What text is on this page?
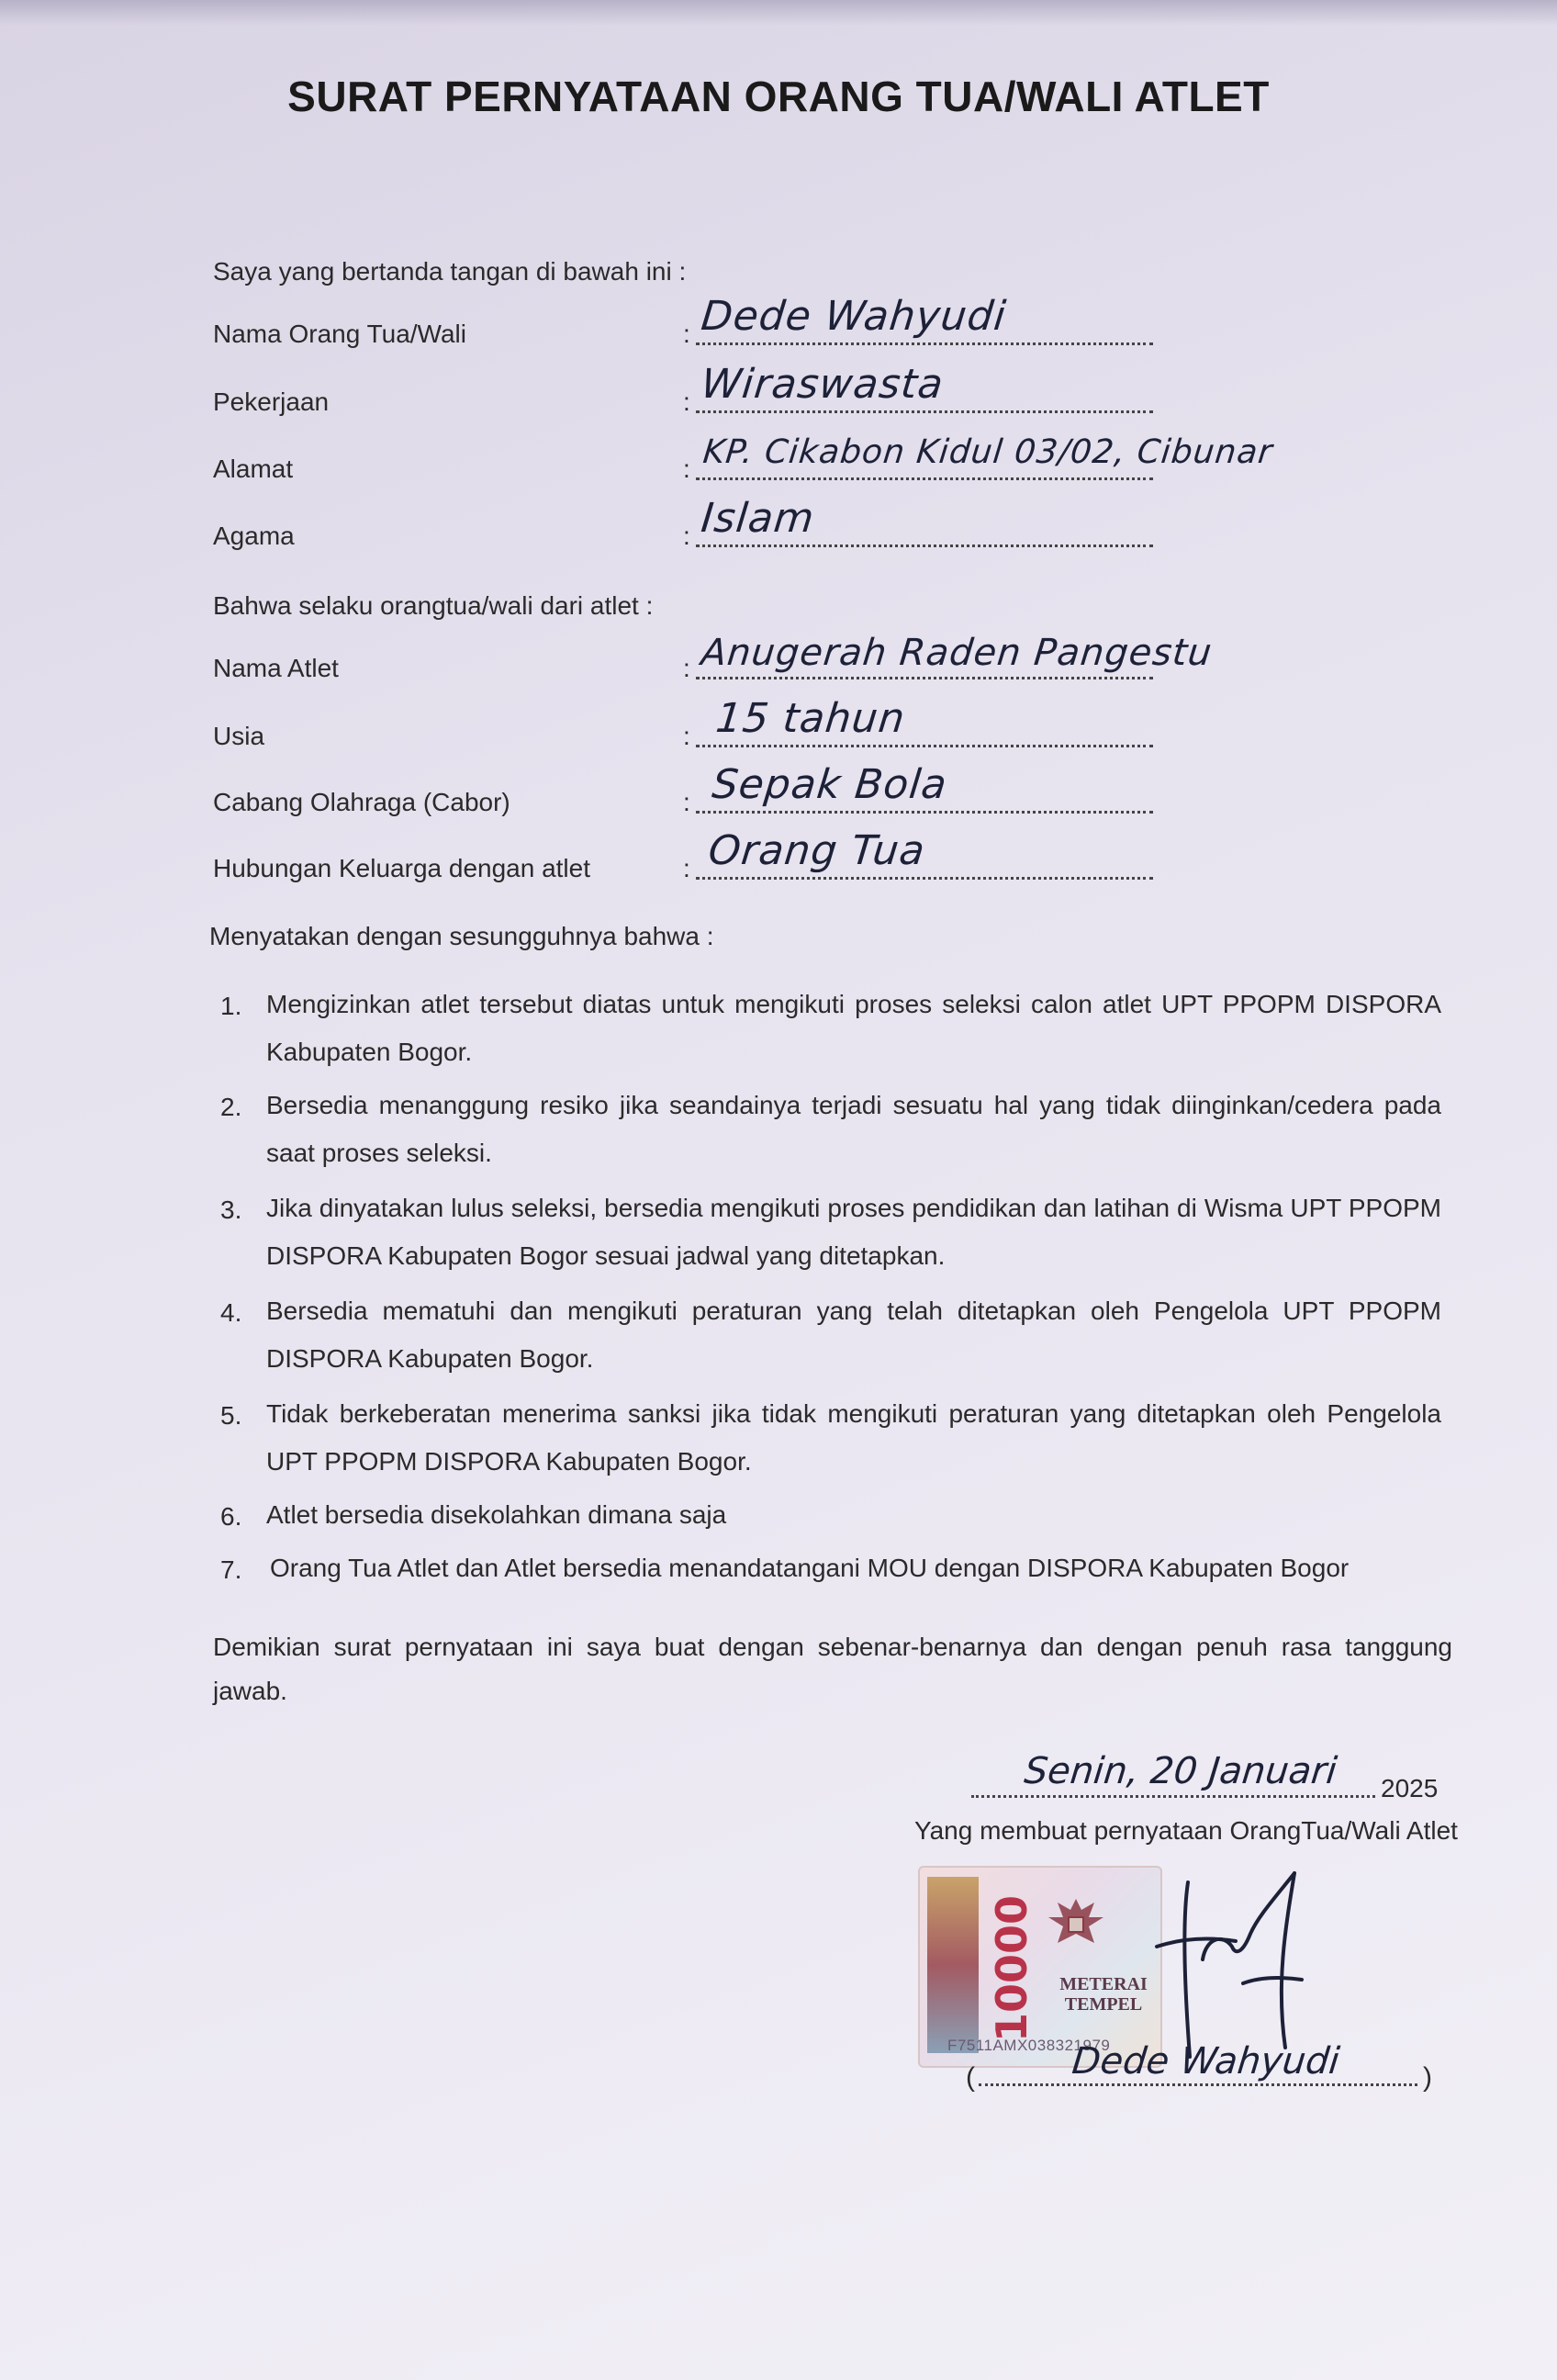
SURAT PERNYATAAN ORANG TUA/WALI ATLET
Saya yang bertanda tangan di bawah ini :
Nama Orang Tua/Wali	: Dede Wahyudi
Pekerjaan	: Wiraswasta
Alamat	: KP. Cikabon Kidul 03/02, Cibunar
Agama	: Islam
Bahwa selaku orangtua/wali dari atlet :
Nama Atlet	: Anugerah Raden Pangestu
Usia	: 15 tahun
Cabang Olahraga (Cabor)	: Sepak Bola
Hubungan Keluarga dengan atlet	: Orang Tua
Menyatakan dengan sesungguhnya bahwa :
1. Mengizinkan atlet tersebut diatas untuk mengikuti proses seleksi calon atlet UPT PPOPM DISPORA Kabupaten Bogor.
2. Bersedia menanggung resiko jika seandainya terjadi sesuatu hal yang tidak diinginkan/cedera pada saat proses seleksi.
3. Jika dinyatakan lulus seleksi, bersedia mengikuti proses pendidikan dan latihan di Wisma UPT PPOPM DISPORA Kabupaten Bogor sesuai jadwal yang ditetapkan.
4. Bersedia mematuhi dan mengikuti peraturan yang telah ditetapkan oleh Pengelola UPT PPOPM DISPORA Kabupaten Bogor.
5. Tidak berkeberatan menerima sanksi jika tidak mengikuti peraturan yang ditetapkan oleh Pengelola UPT PPOPM DISPORA Kabupaten Bogor.
6. Atlet bersedia disekolahkan dimana saja
7. Orang Tua Atlet dan Atlet bersedia menandatangani MOU dengan DISPORA Kabupaten Bogor
Demikian surat pernyataan ini saya buat dengan sebenar-benarnya dan dengan penuh rasa tanggung jawab.
Senin, 20 Januari 2025
Yang membuat pernyataan OrangTua/Wali Atlet
10000	METERAI
TEMPEL
F7511AMX038321979
(	Dede Wahyudi	)
